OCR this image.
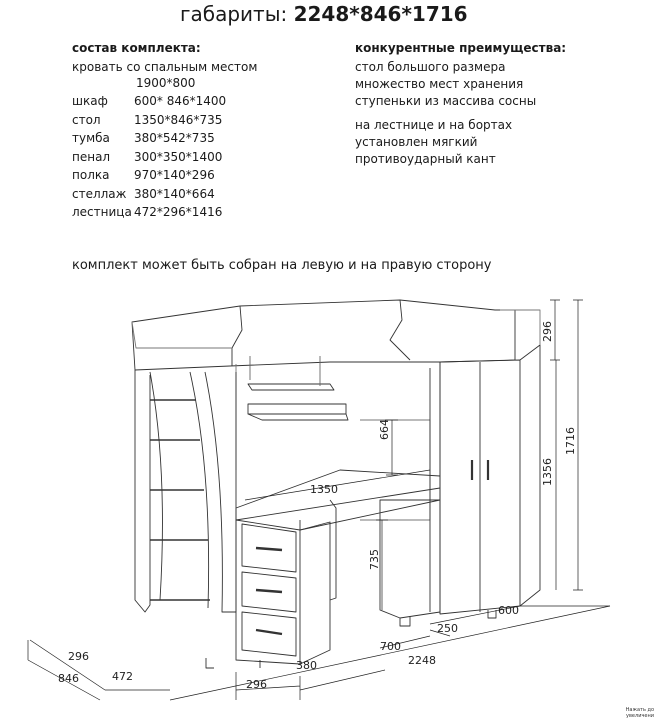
габариты: 2248*846*1716
состав комплекта:
кровать со спальным местом
1900*800
шкаф	600* 846*1400
стол	1350*846*735
тумба	380*542*735
пенал	300*350*1400
полка	970*140*296
стеллаж 380*140*664
лестница 472*296*1416
конкурентные преимущества:
стол большого размера
множество мест хранения
ступеньки из массива сосны
на лестнице и на бортах
установлен мягкий
противоударный кант
комплект может быть собран на левую и на правую сторону
296
1716
1356
664
1350
735
600
250
700
2248
380
296
296
472
846
Нажать до
увеличени
